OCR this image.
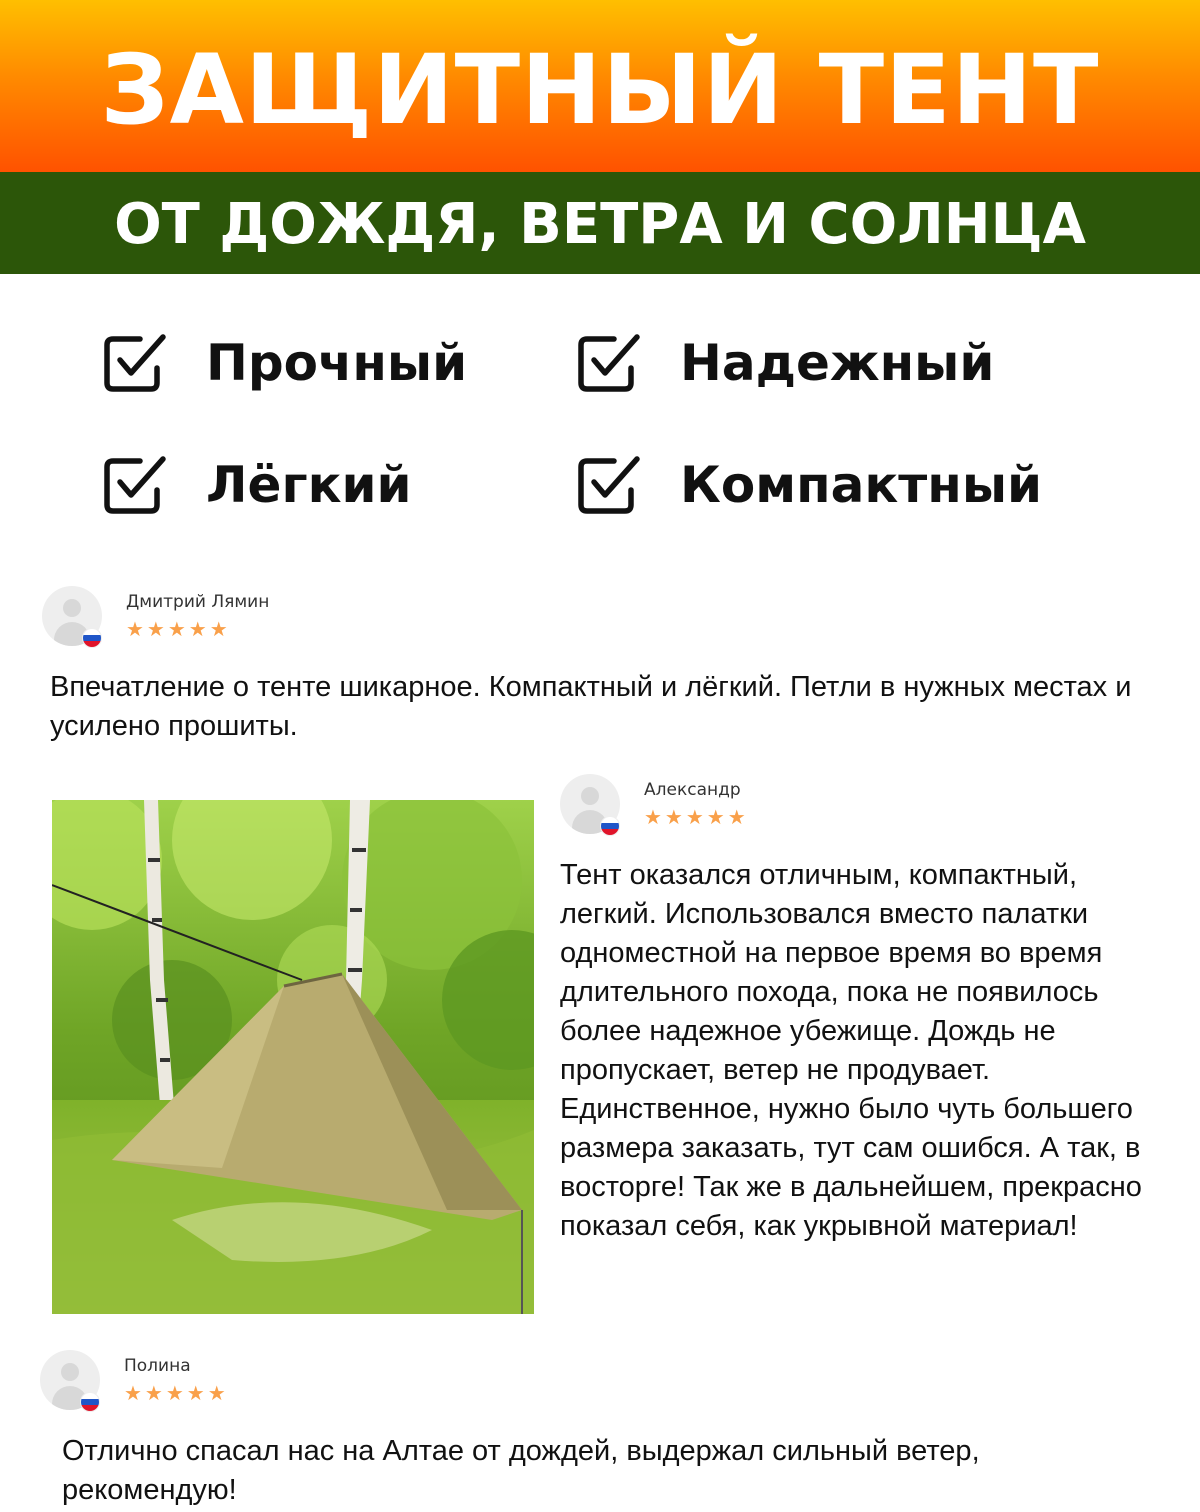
ЗАЩИТНЫЙ ТЕНТ
ОТ ДОЖДЯ, ВЕТРА И СОЛНЦА
Прочный	Надежный
Лёгкий	Компактный
Дмитрий Лямин
★★★★★
Впечатление о тенте шикарное. Компактный и лёгкий. Петли в нужных местах и усилено прошиты.
Александр
★★★★★
Тент оказался отличным, компактный, легкий. Использовался вместо палатки одноместной на первое время во время длительного похода, пока не появилось более надежное убежище. Дождь не пропускает, ветер не продувает. Единственное, нужно было чуть большего размера заказать, тут сам ошибся. А так, в восторге! Так же в дальнейшем, прекрасно показал себя, как укрывной материал!
Полина
★★★★★
Отлично спасал нас на Алтае от дождей, выдержал сильный ветер, рекомендую!
